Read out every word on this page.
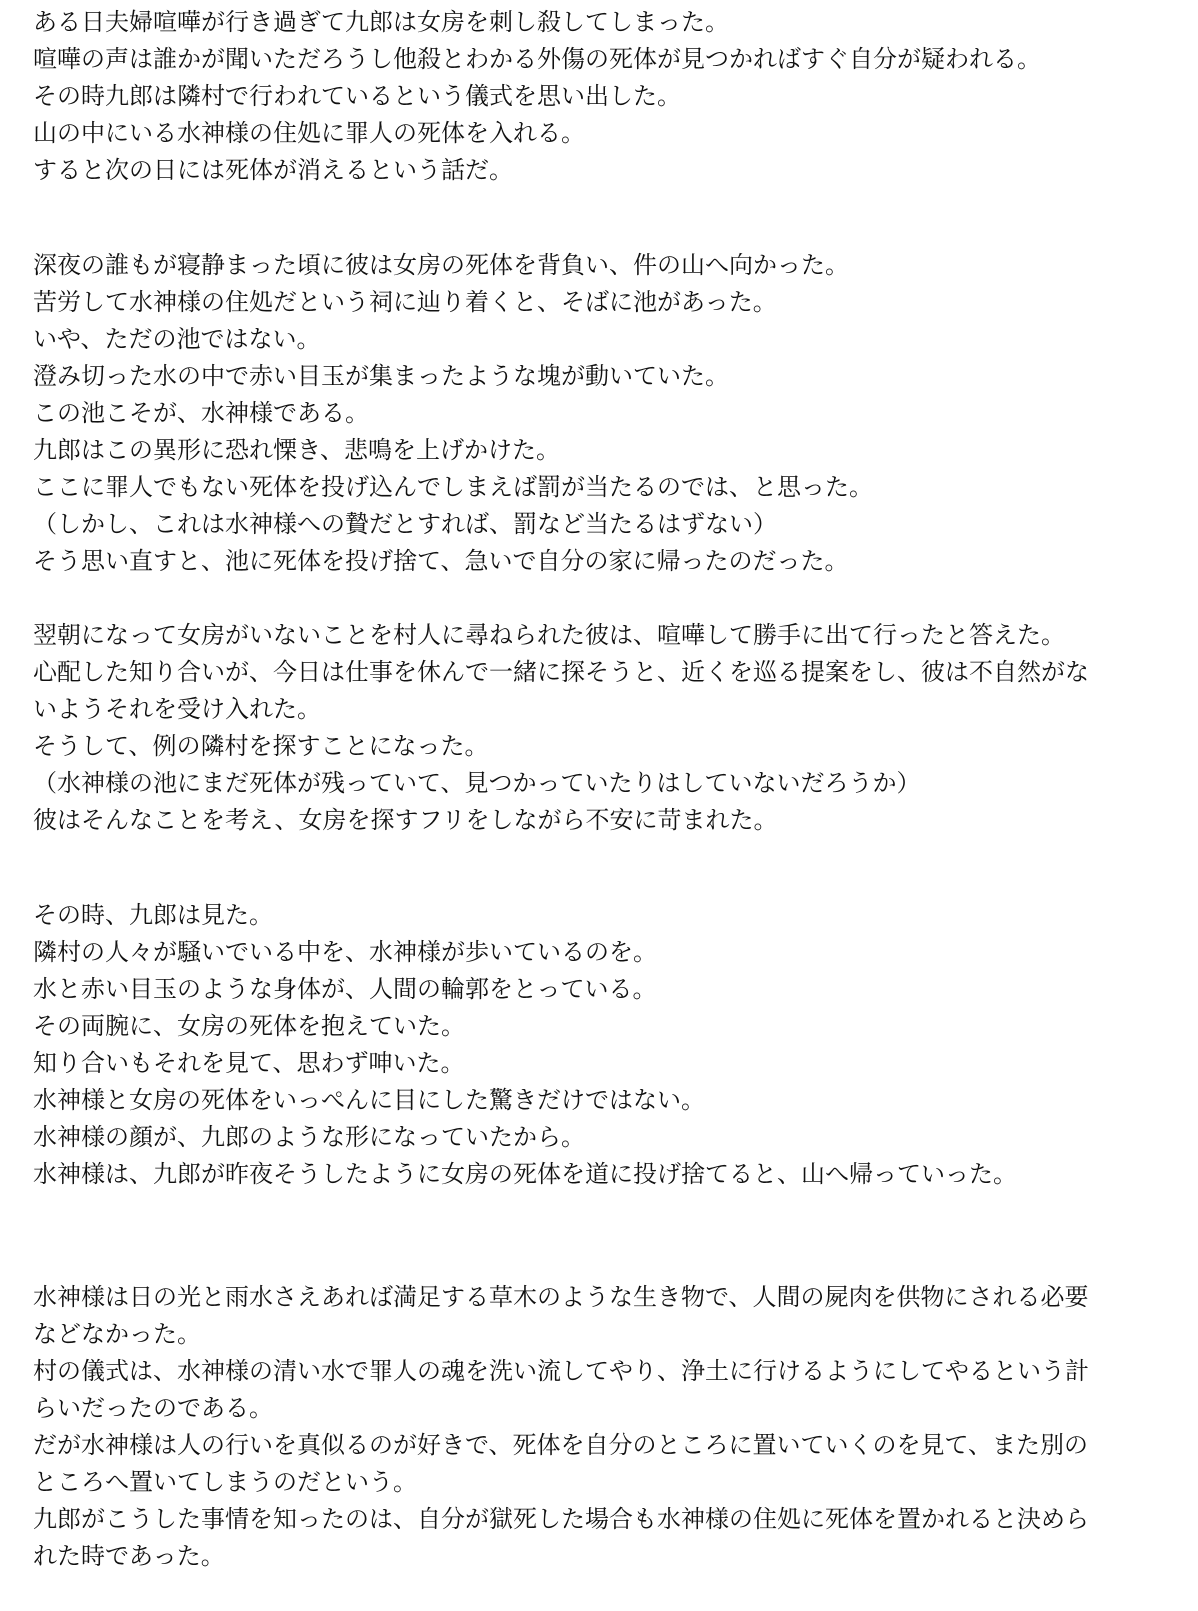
ある日夫婦喧嘩が行き過ぎて九郎は女房を刺し殺してしまった。
喧嘩の声は誰かが聞いただろうし他殺とわかる外傷の死体が見つかればすぐ自分が疑われる。
その時九郎は隣村で行われているという儀式を思い出した。
山の中にいる水神様の住処に罪人の死体を入れる。
すると次の日には死体が消えるという話だ。
深夜の誰もが寝静まった頃に彼は女房の死体を背負い、件の山へ向かった。
苦労して水神様の住処だという祠に辿り着くと、そばに池があった。
いや、ただの池ではない。
澄み切った水の中で赤い目玉が集まったような塊が動いていた。
この池こそが、水神様である。
九郎はこの異形に恐れ慄き、悲鳴を上げかけた。
ここに罪人でもない死体を投げ込んでしまえば罰が当たるのでは、と思った。
（しかし、これは水神様への贄だとすれば、罰など当たるはずない）
そう思い直すと、池に死体を投げ捨て、急いで自分の家に帰ったのだった。
翌朝になって女房がいないことを村人に尋ねられた彼は、喧嘩して勝手に出て行ったと答えた。
心配した知り合いが、今日は仕事を休んで一緒に探そうと、近くを巡る提案をし、彼は不自然がな
いようそれを受け入れた。
そうして、例の隣村を探すことになった。
（水神様の池にまだ死体が残っていて、見つかっていたりはしていないだろうか）
彼はそんなことを考え、女房を探すフリをしながら不安に苛まれた。
その時、九郎は見た。
隣村の人々が騒いでいる中を、水神様が歩いているのを。
水と赤い目玉のような身体が、人間の輪郭をとっている。
その両腕に、女房の死体を抱えていた。
知り合いもそれを見て、思わず呻いた。
水神様と女房の死体をいっぺんに目にした驚きだけではない。
水神様の顔が、九郎のような形になっていたから。
水神様は、九郎が昨夜そうしたように女房の死体を道に投げ捨てると、山へ帰っていった。
水神様は日の光と雨水さえあれば満足する草木のような生き物で、人間の屍肉を供物にされる必要
などなかった。
村の儀式は、水神様の清い水で罪人の魂を洗い流してやり、浄土に行けるようにしてやるという計
らいだったのである。
だが水神様は人の行いを真似るのが好きで、死体を自分のところに置いていくのを見て、また別の
ところへ置いてしまうのだという。
九郎がこうした事情を知ったのは、自分が獄死した場合も水神様の住処に死体を置かれると決めら
れた時であった。
